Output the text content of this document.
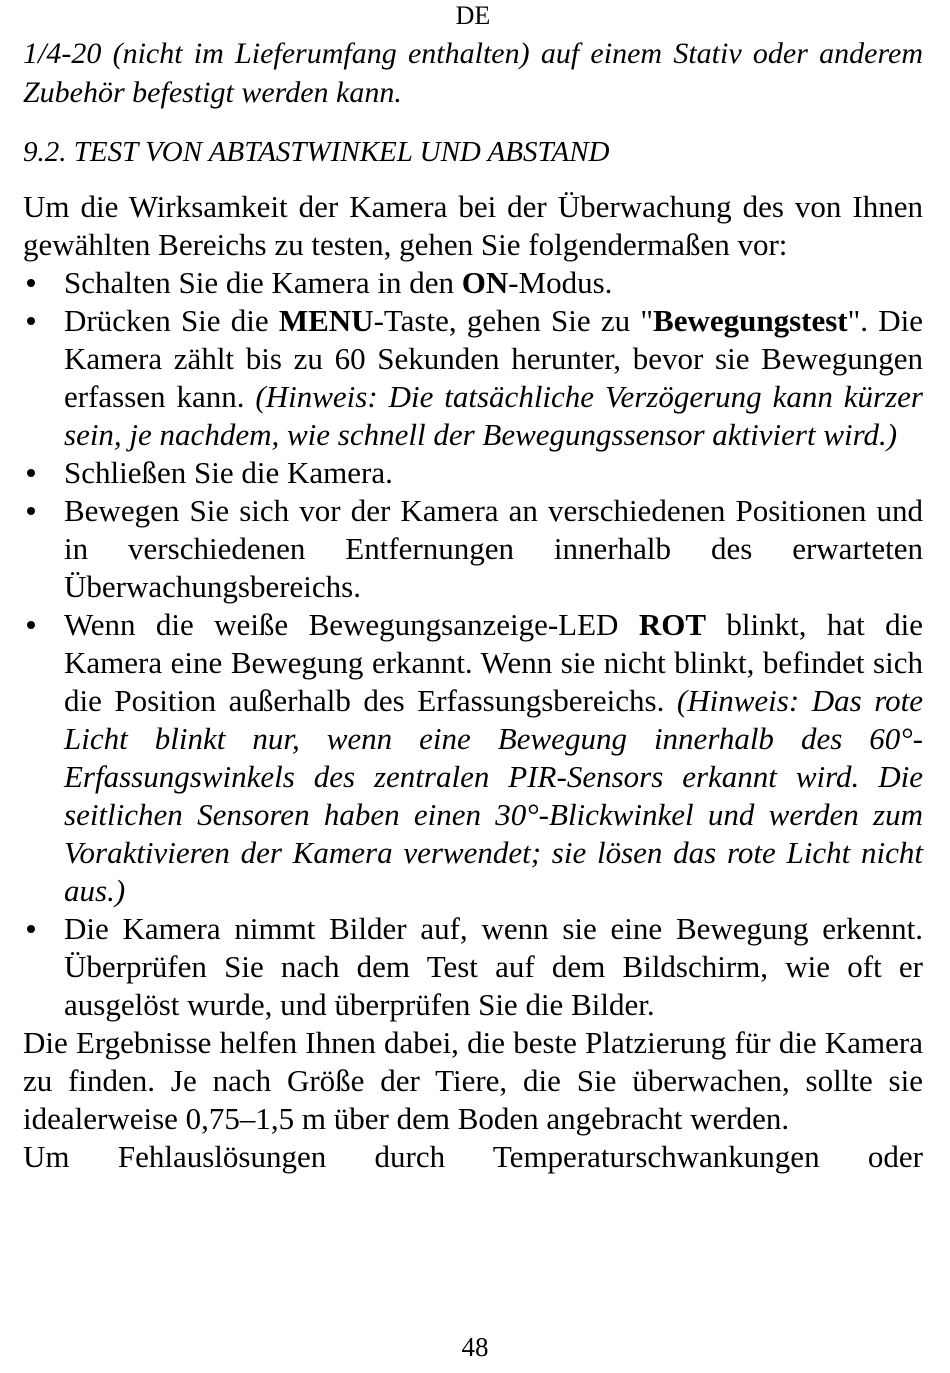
DE

1/4-20 (nicht im Lieferumfang enthalten) auf einem Stativ oder anderem Zubehör befestigt werden kann.

9.2. TEST VON ABTASTWINKEL UND ABSTAND

Um die Wirksamkeit der Kamera bei der Überwachung des von Ihnen gewählten Bereichs zu testen, gehen Sie folgendermaßen vor:

Schalten Sie die Kamera in den ON-Modus.
Drücken Sie die MENU-Taste, gehen Sie zu "Bewegungstest". Die Kamera zählt bis zu 60 Sekunden herunter, bevor sie Bewegungen erfassen kann. (Hinweis: Die tatsächliche Verzögerung kann kürzer sein, je nachdem, wie schnell der Bewegungssensor aktiviert wird.)
Schließen Sie die Kamera.
Bewegen Sie sich vor der Kamera an verschiedenen Positionen und in verschiedenen Entfernungen innerhalb des erwarteten Überwachungsbereichs.
Wenn die weiße Bewegungsanzeige-LED ROT blinkt, hat die Kamera eine Bewegung erkannt. Wenn sie nicht blinkt, befindet sich die Position außerhalb des Erfassungsbereichs. (Hinweis: Das rote Licht blinkt nur, wenn eine Bewegung innerhalb des 60°-Erfassungswinkels des zentralen PIR-Sensors erkannt wird. Die seitlichen Sensoren haben einen 30°-Blickwinkel und werden zum Voraktivieren der Kamera verwendet; sie lösen das rote Licht nicht aus.)
Die Kamera nimmt Bilder auf, wenn sie eine Bewegung erkennt. Überprüfen Sie nach dem Test auf dem Bildschirm, wie oft er ausgelöst wurde, und überprüfen Sie die Bilder.

Die Ergebnisse helfen Ihnen dabei, die beste Platzierung für die Kamera zu finden. Je nach Größe der Tiere, die Sie überwachen, sollte sie idealerweise 0,75–1,5 m über dem Boden angebracht werden.

Um Fehlauslösungen durch Temperaturschwankungen oder

48
